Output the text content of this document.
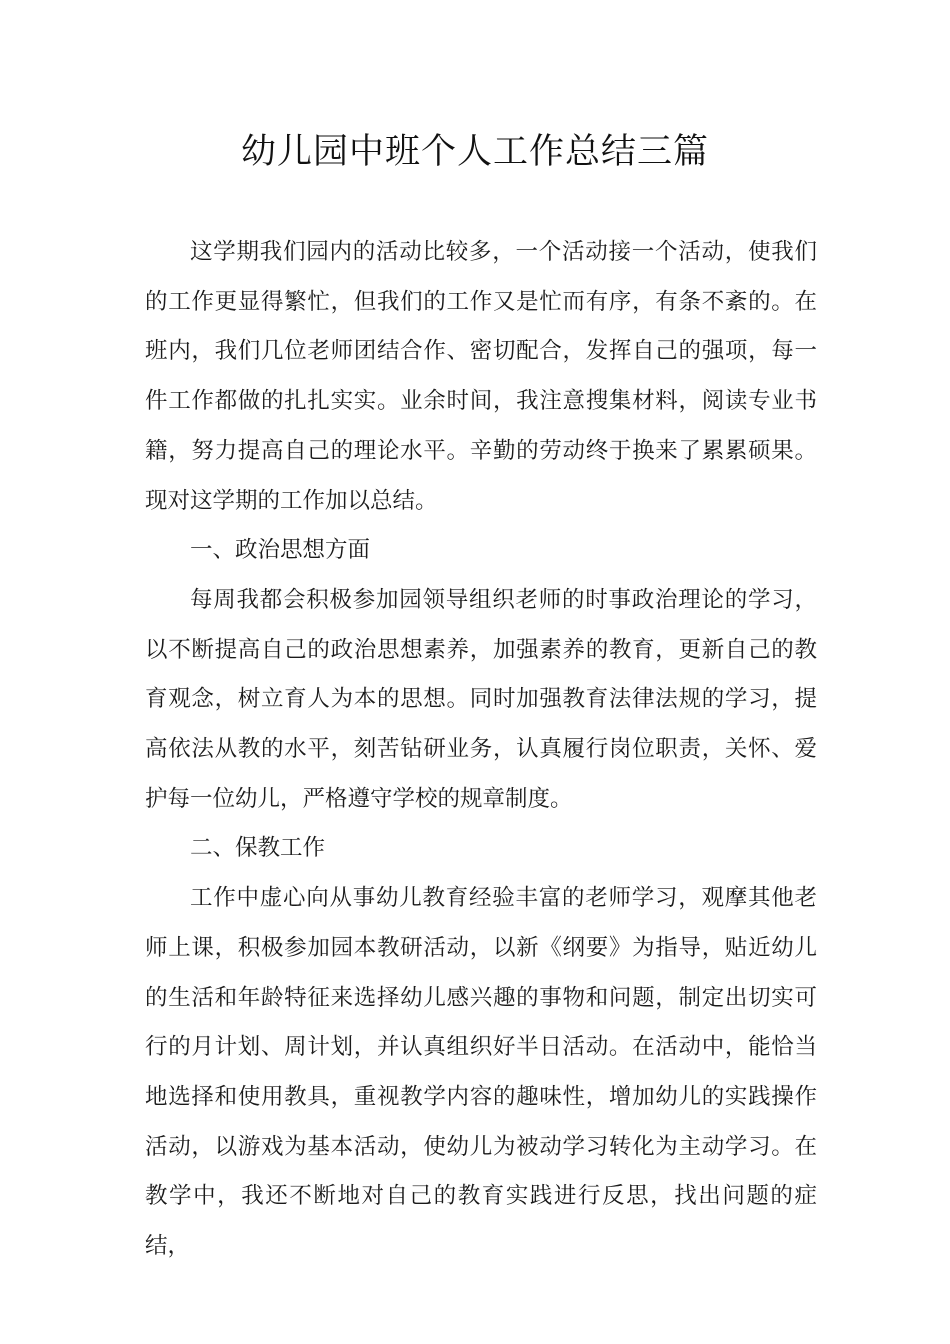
幼儿园中班个人工作总结三篇

这学期我们园内的活动比较多，一个活动接一个活动，使我们的工作更显得繁忙，但我们的工作又是忙而有序，有条不紊的。在班内，我们几位老师团结合作、密切配合，发挥自己的强项，每一件工作都做的扎扎实实。业余时间，我注意搜集材料，阅读专业书籍，努力提高自己的理论水平。辛勤的劳动终于换来了累累硕果。现对这学期的工作加以总结。

一、政治思想方面

每周我都会积极参加园领导组织老师的时事政治理论的学习，以不断提高自己的政治思想素养，加强素养的教育，更新自己的教育观念，树立育人为本的思想。同时加强教育法律法规的学习，提高依法从教的水平，刻苦钻研业务，认真履行岗位职责，关怀、爱护每一位幼儿，严格遵守学校的规章制度。

二、保教工作

工作中虚心向从事幼儿教育经验丰富的老师学习，观摩其他老师上课，积极参加园本教研活动，以新《纲要》为指导，贴近幼儿的生活和年龄特征来选择幼儿感兴趣的事物和问题，制定出切实可行的月计划、周计划，并认真组织好半日活动。在活动中，能恰当地选择和使用教具，重视教学内容的趣味性，增加幼儿的实践操作活动，以游戏为基本活动，使幼儿为被动学习转化为主动学习。在教学中，我还不断地对自己的教育实践进行反思，找出问题的症结，
